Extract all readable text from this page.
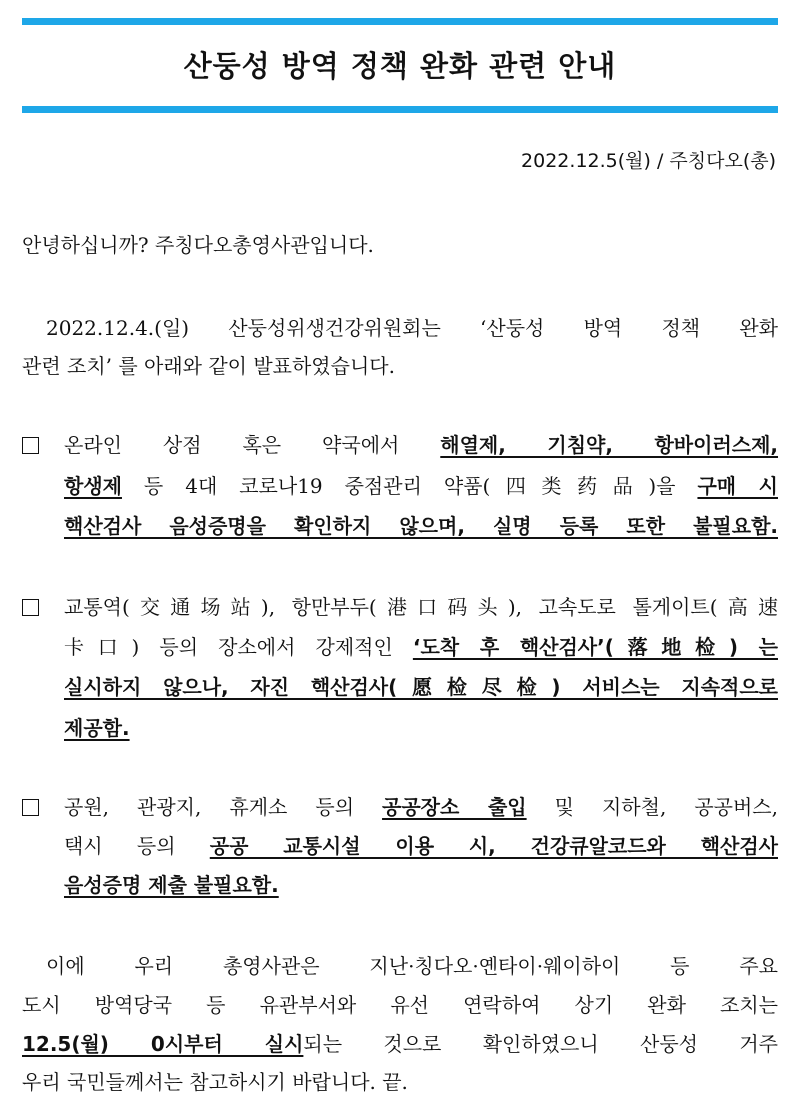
산둥성 방역 정책 완화 관련 안내
2022.12.5(월) / 주칭다오(총)
안녕하십니까? 주칭다오총영사관입니다.
2022.12.4.(일) 산둥성위생건강위원회는 ‘산둥성 방역 정책 완화
관련 조치’ 를 아래와 같이 발표하였습니다.
온라인 상점 혹은 약국에서 해열제, 기침약, 항바이러스제,
항생제 등 4대 코로나19 중점관리 약품(四类药品)을 구매 시
핵산검사 음성증명을 확인하지 않으며, 실명 등록 또한 불필요함.
교통역(交通场站), 항만부두(港口码头), 고속도로 톨게이트(高速
卡口) 등의 장소에서 강제적인 ‘도착 후 핵산검사’(落地检) 는
실시하지 않으나, 자진 핵산검사(愿检尽检) 서비스는 지속적으로
제공함.
공원, 관광지, 휴게소 등의 공공장소 출입 및 지하철, 공공버스,
택시 등의 공공 교통시설 이용 시, 건강큐알코드와 핵산검사
음성증명 제출 불필요함.
이에 우리 총영사관은 지난·칭다오·옌타이·웨이하이 등 주요
도시 방역당국 등 유관부서와 유선 연락하여 상기 완화 조치는
12.5(월) 0시부터 실시되는 것으로 확인하였으니 산둥성 거주
우리 국민들께서는 참고하시기 바랍니다. 끝.
